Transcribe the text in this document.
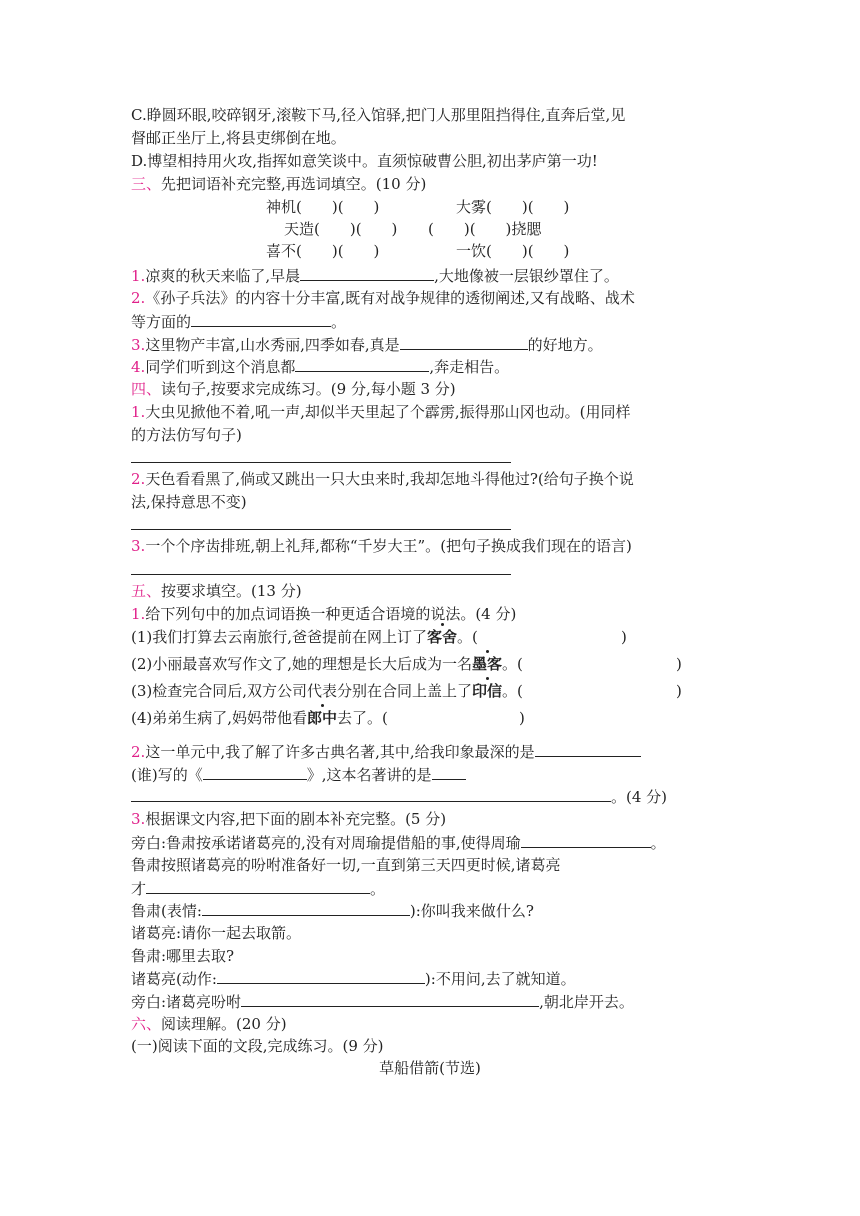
C.睁圆环眼,咬碎钢牙,滚鞍下马,径入馆驿,把门人那里阻挡得住,直奔后堂,见
督邮正坐厅上,将县吏绑倒在地。
D.博望相持用火攻,指挥如意笑谈中。直须惊破曹公胆,初出茅庐第一功!
三、先把词语补充完整,再选词填空。(10 分)
神机(　　)(　　)	大雾(　　)(　　)
天造(　　)(　　) (　　)(　　)挠腮
喜不(　　)(　　)	一饮(　　)(　　)
1.凉爽的秋天来临了,早晨	,大地像被一层银纱罩住了。
2.《孙子兵法》的内容十分丰富,既有对战争规律的透彻阐述,又有战略、战术
等方面的	。
3.这里物产丰富,山水秀丽,四季如春,真是	的好地方。
4.同学们听到这个消息都	,奔走相告。
四、读句子,按要求完成练习。(9 分,每小题 3 分)
1.大虫见掀他不着,吼一声,却似半天里起了个霹雳,振得那山冈也动。(用同样
的方法仿写句子)
2.天色看看黑了,倘或又跳出一只大虫来时,我却怎地斗得他过?(给句子换个说
法,保持意思不变)
3.一个个序齿排班,朝上礼拜,都称“千岁大王”。(把句子换成我们现在的语言)
五、按要求填空。(13 分)
1.给下列句中的加点词语换一种更适合语境的说法。(4 分)
(1)我们打算去云南旅行,爸爸提前在网上订了客舍。(	)
(2)小丽最喜欢写作文了,她的理想是长大后成为一名墨客。(	)
(3)检查完合同后,双方公司代表分别在合同上盖上了印信。(	)
(4)弟弟生病了,妈妈带他看郎中去了。(	)
2.这一单元中,我了解了许多古典名著,其中,给我印象最深的是
(谁)写的《	》,这本名著讲的是
。(4 分)
3.根据课文内容,把下面的剧本补充完整。(5 分)
旁白:鲁肃按承诺诸葛亮的,没有对周瑜提借船的事,使得周瑜	。
鲁肃按照诸葛亮的吩咐准备好一切,一直到第三天四更时候,诸葛亮
才	。
鲁肃(表情:	):你叫我来做什么?
诸葛亮:请你一起去取箭。
鲁肃:哪里去取?
诸葛亮(动作:	):不用问,去了就知道。
旁白:诸葛亮吩咐	,朝北岸开去。
六、阅读理解。(20 分)
(一)阅读下面的文段,完成练习。(9 分)
草船借箭(节选)
